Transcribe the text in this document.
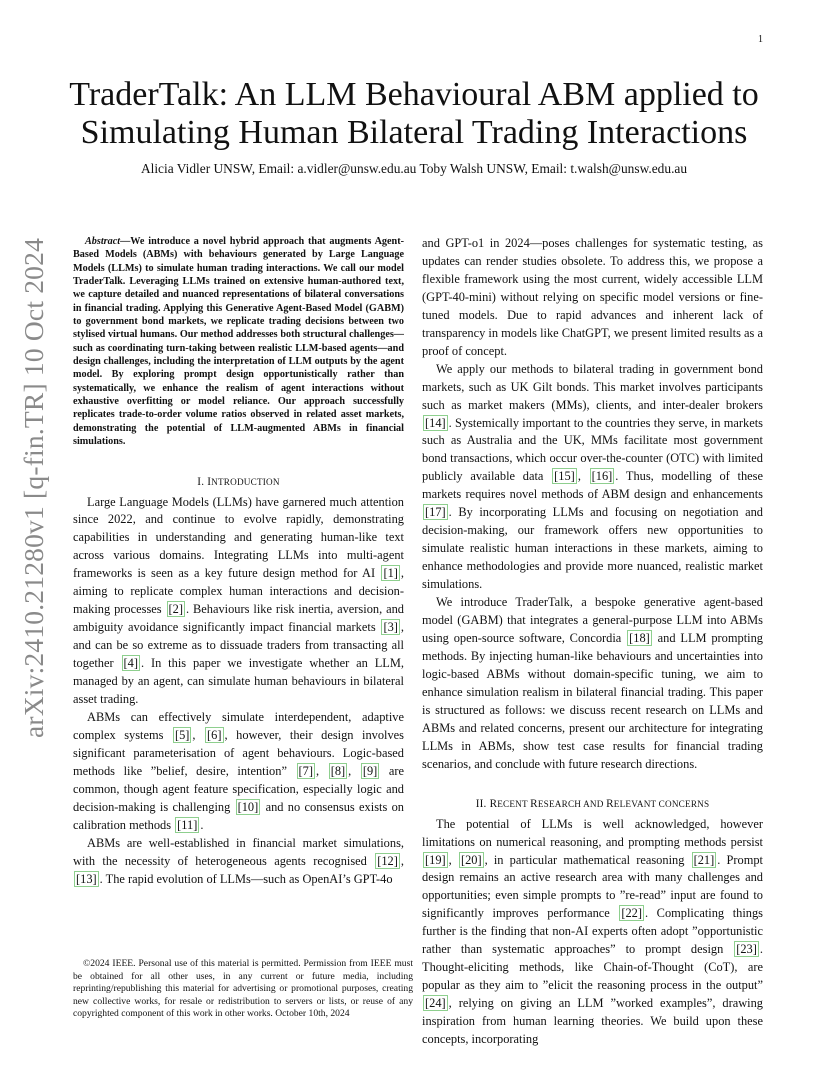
1
arXiv:2410.21280v1 [q-fin.TR] 10 Oct 2024
TraderTalk: An LLM Behavioural ABM applied to Simulating Human Bilateral Trading Interactions
Alicia Vidler UNSW, Email: a.vidler@unsw.edu.au Toby Walsh UNSW, Email: t.walsh@unsw.edu.au

Abstract—We introduce a novel hybrid approach that augments Agent-Based Models (ABMs) with behaviours generated by Large Language Models (LLMs) to simulate human trading interactions. We call our model TraderTalk. Leveraging LLMs trained on extensive human-authored text, we capture detailed and nuanced representations of bilateral conversations in financial trading. Applying this Generative Agent-Based Model (GABM) to government bond markets, we replicate trading decisions between two stylised virtual humans. Our method addresses both structural challenges—such as coordinating turn-taking between realistic LLM-based agents—and design challenges, including the interpretation of LLM outputs by the agent model. By exploring prompt design opportunistically rather than systematically, we enhance the realism of agent interactions without exhaustive overfitting or model reliance. Our approach successfully replicates trade-to-order volume ratios observed in related asset markets, demonstrating the potential of LLM-augmented ABMs in financial simulations.

I. INTRODUCTION

Large Language Models (LLMs) have garnered much attention since 2022, and continue to evolve rapidly, demonstrating capabilities in understanding and generating human-like text across various domains. Integrating LLMs into multi-agent frameworks is seen as a key future design method for AI [1] , aiming to replicate complex human interactions and decision-making processes [2] . Behaviours like risk inertia, aversion, and ambiguity avoidance significantly impact financial markets [3] , and can be so extreme as to dissuade traders from transacting all together [4] . In this paper we investigate whether an LLM, managed by an agent, can simulate human behaviours in bilateral asset trading.

ABMs can effectively simulate interdependent, adaptive complex systems [5] , [6] , however, their design involves significant parameterisation of agent behaviours. Logic-based methods like ”belief, desire, intention” [7] , [8] , [9] are common, though agent feature specification, especially logic and decision-making is challenging [10] and no consensus exists on calibration methods [11] .

ABMs are well-established in financial market simulations, with the necessity of heterogeneous agents recognised [12] , [13] . The rapid evolution of LLMs—such as OpenAI’s GPT-4o

©2024 IEEE. Personal use of this material is permitted. Permission from IEEE must be obtained for all other uses, in any current or future media, including reprinting/republishing this material for advertising or promotional purposes, creating new collective works, for resale or redistribution to servers or lists, or reuse of any copyrighted component of this work in other works. October 10th, 2024

and GPT-o1 in 2024—poses challenges for systematic testing, as updates can render studies obsolete. To address this, we propose a flexible framework using the most current, widely accessible LLM (GPT-40-mini) without relying on specific model versions or fine-tuned models. Due to rapid advances and inherent lack of transparency in models like ChatGPT, we present limited results as a proof of concept.

We apply our methods to bilateral trading in government bond markets, such as UK Gilt bonds. This market involves participants such as market makers (MMs), clients, and inter-dealer brokers [14] . Systemically important to the countries they serve, in markets such as Australia and the UK, MMs facilitate most government bond transactions, which occur over-the-counter (OTC) with limited publicly available data [15] , [16] . Thus, modelling of these markets requires novel methods of ABM design and enhancements [17] . By incorporating LLMs and focusing on negotiation and decision-making, our framework offers new opportunities to simulate realistic human interactions in these markets, aiming to enhance methodologies and provide more nuanced, realistic market simulations.

We introduce TraderTalk, a bespoke generative agent-based model (GABM) that integrates a general-purpose LLM into ABMs using open-source software, Concordia [18] and LLM prompting methods. By injecting human-like behaviours and uncertainties into logic-based ABMs without domain-specific tuning, we aim to enhance simulation realism in bilateral financial trading. This paper is structured as follows: we discuss recent research on LLMs and ABMs and related concerns, present our architecture for integrating LLMs in ABMs, show test case results for financial trading scenarios, and conclude with future research directions.

II. RECENT RESEARCH AND RELEVANT CONCERNS

The potential of LLMs is well acknowledged, however limitations on numerical reasoning, and prompting methods persist [19] , [20] , in particular mathematical reasoning [21] . Prompt design remains an active research area with many challenges and opportunities; even simple prompts to ”re-read” input are found to significantly improves performance [22] . Complicating things further is the finding that non-AI experts often adopt ”opportunistic rather than systematic approaches” to prompt design [23] . Thought-eliciting methods, like Chain-of-Thought (CoT), are popular as they aim to ”elicit the reasoning process in the output” [24] , relying on giving an LLM ”worked examples”, drawing inspiration from human learning theories. We build upon these concepts, incorporating
